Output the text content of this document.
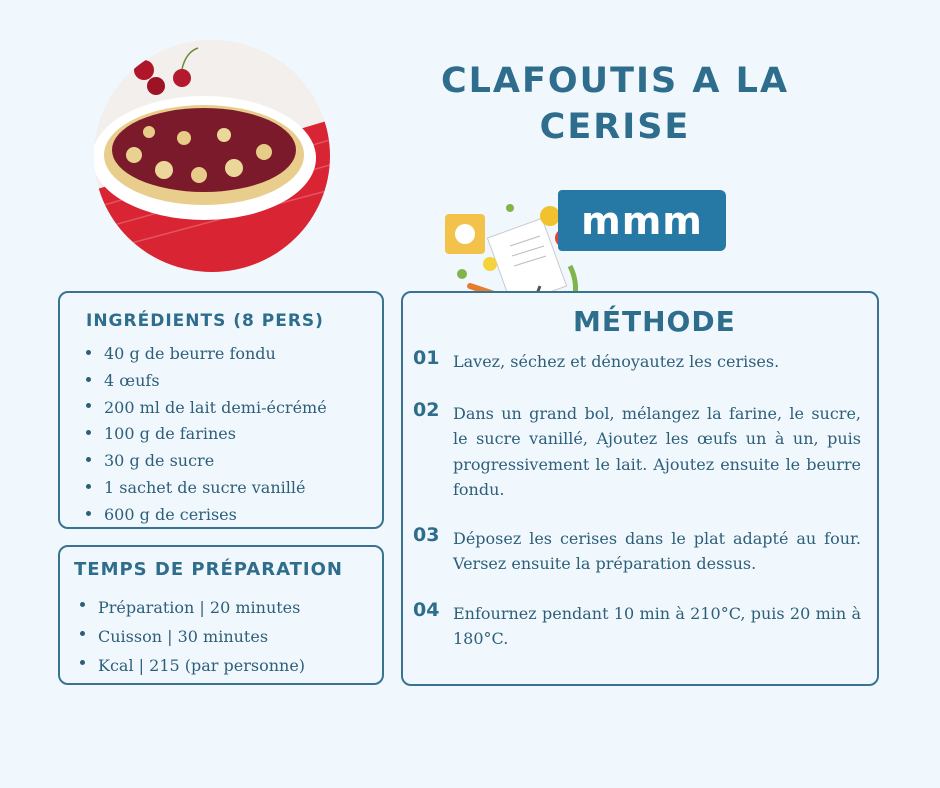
CLAFOUTIS A LA CERISE
mmm
INGRÉDIENTS (8 PERS)
40 g de beurre fondu
4 œufs
200 ml de lait demi-écrémé
100 g de farines
30 g de sucre
1 sachet de sucre vanillé
600 g de cerises
TEMPS DE PRÉPARATION
Préparation | 20 minutes
Cuisson | 30 minutes
Kcal | 215 (par personne)
MÉTHODE
01 Lavez, séchez et dénoyautez les cerises.
02 Dans un grand bol, mélangez la farine, le sucre, le sucre vanillé, Ajoutez les œufs un à un, puis progressivement le lait. Ajoutez ensuite le beurre fondu.
03 Déposez les cerises dans le plat adapté au four. Versez ensuite la préparation dessus.
04 Enfournez pendant 10 min à 210°C, puis 20 min à 180°C.
